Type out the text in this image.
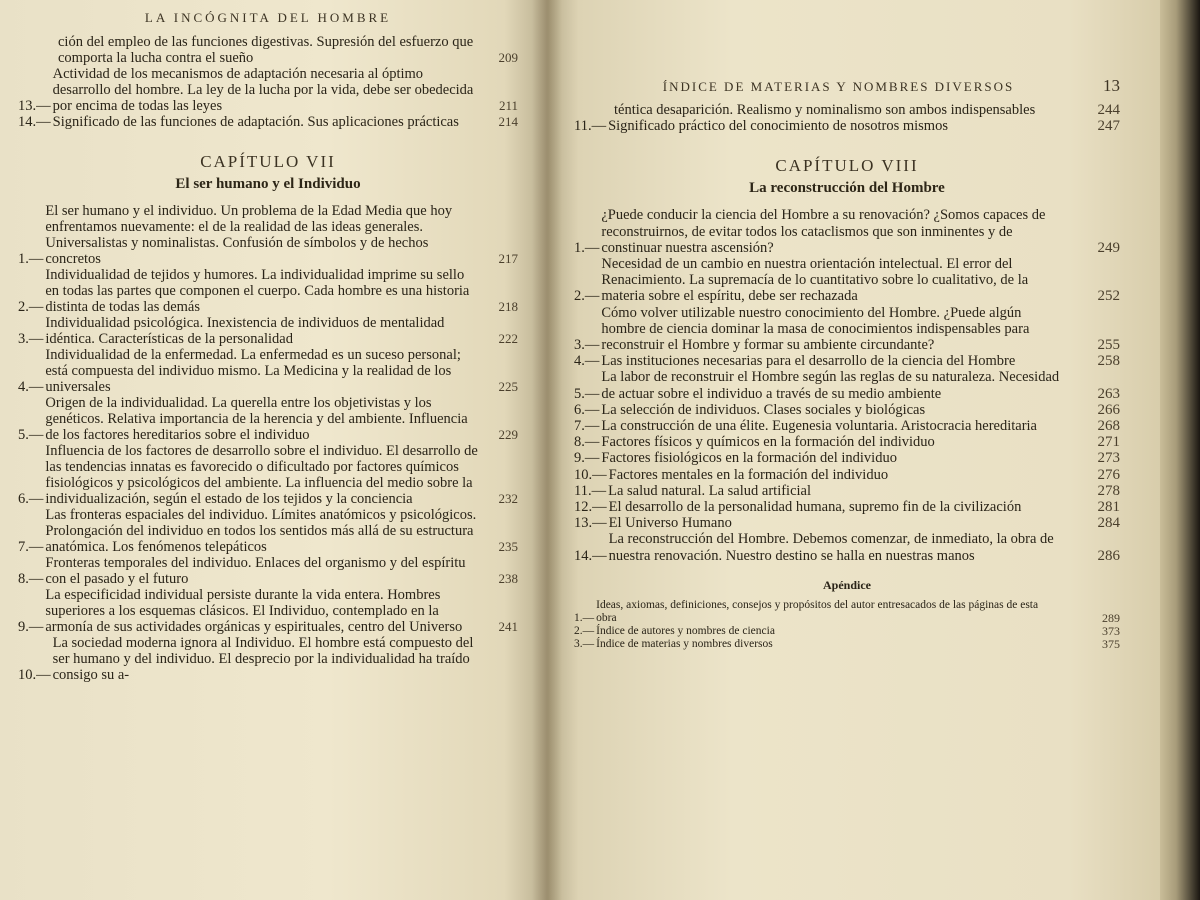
LA INCÓGNITA DEL HOMBRE
ción del empleo de las funciones digestivas. Supresión del esfuerzo que comporta la lucha contra el sueño	209
13.—
Actividad de los mecanismos de adaptación necesaria al óptimo desarrollo del hombre. La ley de la lucha por la vida, debe ser obedecida por encima de todas las leyes	211
14.— Significado de las funciones de adaptación. Sus aplicaciones prácticas	214
CAPÍTULO VII
El ser humano y el Individuo
1.—
El ser humano y el individuo. Un problema de la Edad Media que hoy enfrentamos nuevamente: el de la realidad de las ideas generales. Universalistas y nominalistas. Confusión de símbolos y de hechos concretos	217
2.—
Individualidad de tejidos y humores. La individualidad imprime su sello en todas las partes que componen el cuerpo. Cada hombre es una historia distinta de todas las demás	218
3.—
Individualidad psicológica. Inexistencia de individuos de mentalidad idéntica. Características de la personalidad	222
4.—
Individualidad de la enfermedad. La enfermedad es un suceso personal; está compuesta del individuo mismo. La Medicina y la realidad de los universales	225
5.—
Origen de la individualidad. La querella entre los objetivistas y los genéticos. Relativa importancia de la herencia y del ambiente. Influencia de los factores hereditarios sobre el individuo	229
6.—
Influencia de los factores de desarrollo sobre el individuo. El desarrollo de las tendencias innatas es favorecido o dificultado por factores químicos fisiológicos y psicológicos del ambiente. La influencia del medio sobre la individualización, según el estado de los tejidos y la conciencia	232
7.—
Las fronteras espaciales del individuo. Límites anatómicos y psicológicos. Prolongación del individuo en todos los sentidos más allá de su estructura anatómica. Los fenómenos telepáticos	235
8.—
Fronteras temporales del individuo. Enlaces del organismo y del espíritu con el pasado y el futuro	238
9.—
La especificidad individual persiste durante la vida entera. Hombres superiores a los esquemas clásicos. El Individuo, contemplado en la armonía de sus actividades orgánicas y espirituales, centro del Universo	241
10.—
La sociedad moderna ignora al Individuo. El hombre está compuesto del ser humano y del individuo. El desprecio por la individualidad ha traído consigo su a-
ÍNDICE DE MATERIAS Y NOMBRES DIVERSOS	13
téntica desaparición. Realismo y nominalismo son ambos indispensables	244
11.— Significado práctico del conocimiento de nosotros mismos	247
CAPÍTULO VIII
La reconstrucción del Hombre
1.—
¿Puede conducir la ciencia del Hombre a su renovación? ¿Somos capaces de reconstruirnos, de evitar todos los cataclismos que son inminentes y de constinuar nuestra ascensión?	249
2.—
Necesidad de un cambio en nuestra orientación intelectual. El error del Renacimiento. La supremacía de lo cuantitativo sobre lo cualitativo, de la materia sobre el espíritu, debe ser rechazada	252
3.—
Cómo volver utilizable nuestro conocimiento del Hombre. ¿Puede algún hombre de ciencia dominar la masa de conocimientos indispensables para reconstruir el Hombre y formar su ambiente circundante?	255
4.— Las instituciones necesarias para el desarrollo de la ciencia del Hombre	258
5.—
La labor de reconstruir el Hombre según las reglas de su naturaleza. Necesidad de actuar sobre el individuo a través de su medio ambiente	263
6.— La selección de individuos. Clases sociales y biológicas	266
7.— La construcción de una élite. Eugenesia voluntaria. Aristocracia hereditaria	268
8.— Factores físicos y químicos en la formación del individuo	271
9.— Factores fisiológicos en la formación del individuo	273
10.— Factores mentales en la formación del individuo	276
11.— La salud natural. La salud artificial	278
12.— El desarrollo de la personalidad humana, supremo fin de la civilización	281
13.— El Universo Humano	284
14.—
La reconstrucción del Hombre. Debemos comenzar, de inmediato, la obra de nuestra renovación. Nuestro destino se halla en nuestras manos	286
Apéndice
1.—
Ideas, axiomas, definiciones, consejos y propósitos del autor entresacados de las páginas de esta obra	289
2.— Índice de autores y nombres de ciencia	373
3.— Índice de materias y nombres diversos	375
